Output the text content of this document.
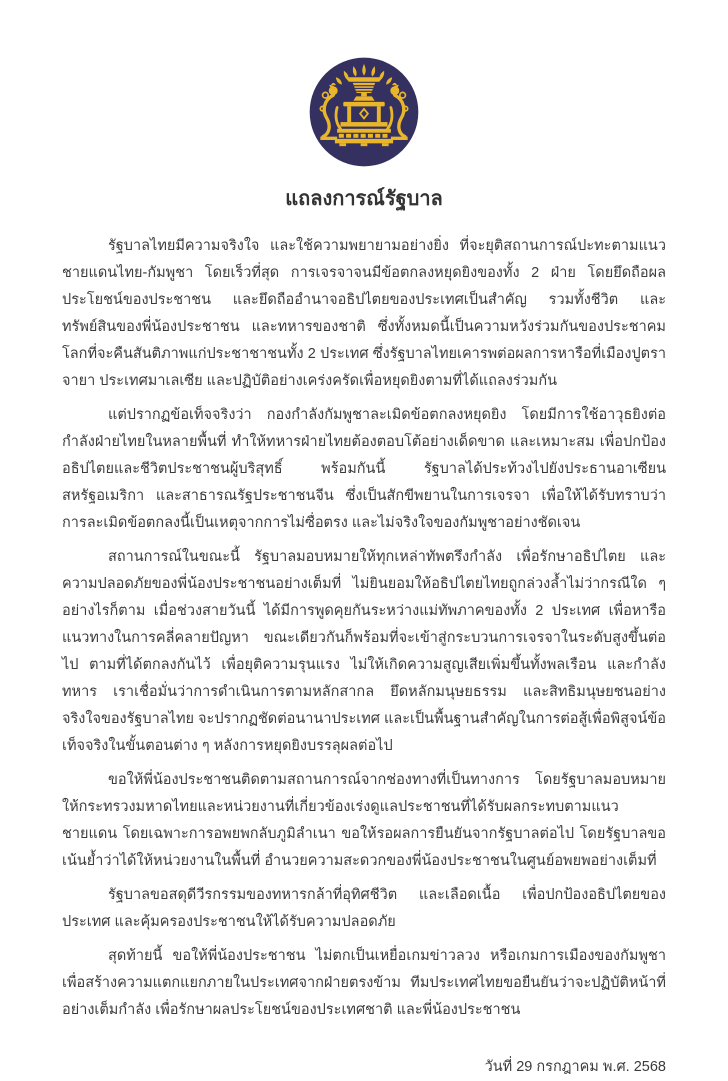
แถลงการณ์รัฐบาล

รัฐบาลไทยมีความจริงใจ และใช้ความพยายามอย่างยิ่ง ที่จะยุติสถานการณ์ปะทะตามแนวชายแดนไทย-กัมพูชา โดยเร็วที่สุด การเจรจาจนมีข้อตกลงหยุดยิงของทั้ง 2 ฝ่าย โดยยึดถือผลประโยชน์ของประชาชน และยึดถืออำนาจอธิปไตยของประเทศเป็นสำคัญ รวมทั้งชีวิต และทรัพย์สินของพี่น้องประชาชน และทหารของชาติ ซึ่งทั้งหมดนี้เป็นความหวังร่วมกันของประชาคมโลกที่จะคืนสันติภาพแก่ประชาชาชนทั้ง 2 ประเทศ ซึ่งรัฐบาลไทยเคารพต่อผลการหารือที่เมืองปูตราจายา ประเทศมาเลเซีย และปฏิบัติอย่างเคร่งครัดเพื่อหยุดยิงตามที่ได้แถลงร่วมกัน

แต่ปรากฏข้อเท็จจริงว่า กองกำลังกัมพูชาละเมิดข้อตกลงหยุดยิง โดยมีการใช้อาวุธยิงต่อกำลังฝ่ายไทยในหลายพื้นที่ ทำให้ทหารฝ่ายไทยต้องตอบโต้อย่างเด็ดขาด และเหมาะสม เพื่อปกป้องอธิปไตยและชีวิตประชาชนผู้บริสุทธิ์ พร้อมกันนี้ รัฐบาลได้ประท้วงไปยังประธานอาเซียน สหรัฐอเมริกา และสาธารณรัฐประชาชนจีน ซึ่งเป็นสักขีพยานในการเจรจา เพื่อให้ได้รับทราบว่า การละเมิดข้อตกลงนี้เป็นเหตุจากการไม่ซื่อตรง และไม่จริงใจของกัมพูชาอย่างชัดเจน

สถานการณ์ในขณะนี้ รัฐบาลมอบหมายให้ทุกเหล่าทัพตรึงกำลัง เพื่อรักษาอธิปไตย และความปลอดภัยของพี่น้องประชาชนอย่างเต็มที่ ไม่ยินยอมให้อธิปไตยไทยถูกล่วงล้ำไม่ว่ากรณีใด ๆ อย่างไรก็ตาม เมื่อช่วงสายวันนี้ ได้มีการพูดคุยกันระหว่างแม่ทัพภาคของทั้ง 2 ประเทศ เพื่อหารือแนวทางในการคลี่คลายปัญหา ขณะเดียวกันก็พร้อมที่จะเข้าสู่กระบวนการเจรจาในระดับสูงขึ้นต่อไป ตามที่ได้ตกลงกันไว้ เพื่อยุติความรุนแรง ไม่ให้เกิดความสูญเสียเพิ่มขึ้นทั้งพลเรือน และกำลังทหาร เราเชื่อมั่นว่าการดำเนินการตามหลักสากล ยึดหลักมนุษยธรรม และสิทธิมนุษยชนอย่างจริงใจของรัฐบาลไทย จะปรากฏชัดต่อนานาประเทศ และเป็นพื้นฐานสำคัญในการต่อสู้เพื่อพิสูจน์ข้อเท็จจริงในขั้นตอนต่าง ๆ หลังการหยุดยิงบรรลุผลต่อไป

ขอให้พี่น้องประชาชนติดตามสถานการณ์จากช่องทางที่เป็นทางการ โดยรัฐบาลมอบหมายให้กระทรวงมหาดไทยและหน่วยงานที่เกี่ยวข้องเร่งดูแลประชาชนที่ได้รับผลกระทบตามแนวชายแดน โดยเฉพาะการอพยพกลับภูมิลำเนา ขอให้รอผลการยืนยันจากรัฐบาลต่อไป โดยรัฐบาลขอเน้นย้ำว่าได้ให้หน่วยงานในพื้นที่ อำนวยความสะดวกของพี่น้องประชาชนในศูนย์อพยพอย่างเต็มที่

รัฐบาลขอสดุดีวีรกรรมของทหารกล้าที่อุทิศชีวิต และเลือดเนื้อ เพื่อปกป้องอธิปไตยของประเทศ และคุ้มครองประชาชนให้ได้รับความปลอดภัย

สุดท้ายนี้ ขอให้พี่น้องประชาชน ไม่ตกเป็นเหยื่อเกมข่าวลวง หรือเกมการเมืองของกัมพูชา เพื่อสร้างความแตกแยกภายในประเทศจากฝ่ายตรงข้าม ทีมประเทศไทยขอยืนยันว่าจะปฏิบัติหน้าที่อย่างเต็มกำลัง เพื่อรักษาผลประโยชน์ของประเทศชาติ และพี่น้องประชาชน

วันที่ 29 กรกฎาคม พ.ศ. 2568
